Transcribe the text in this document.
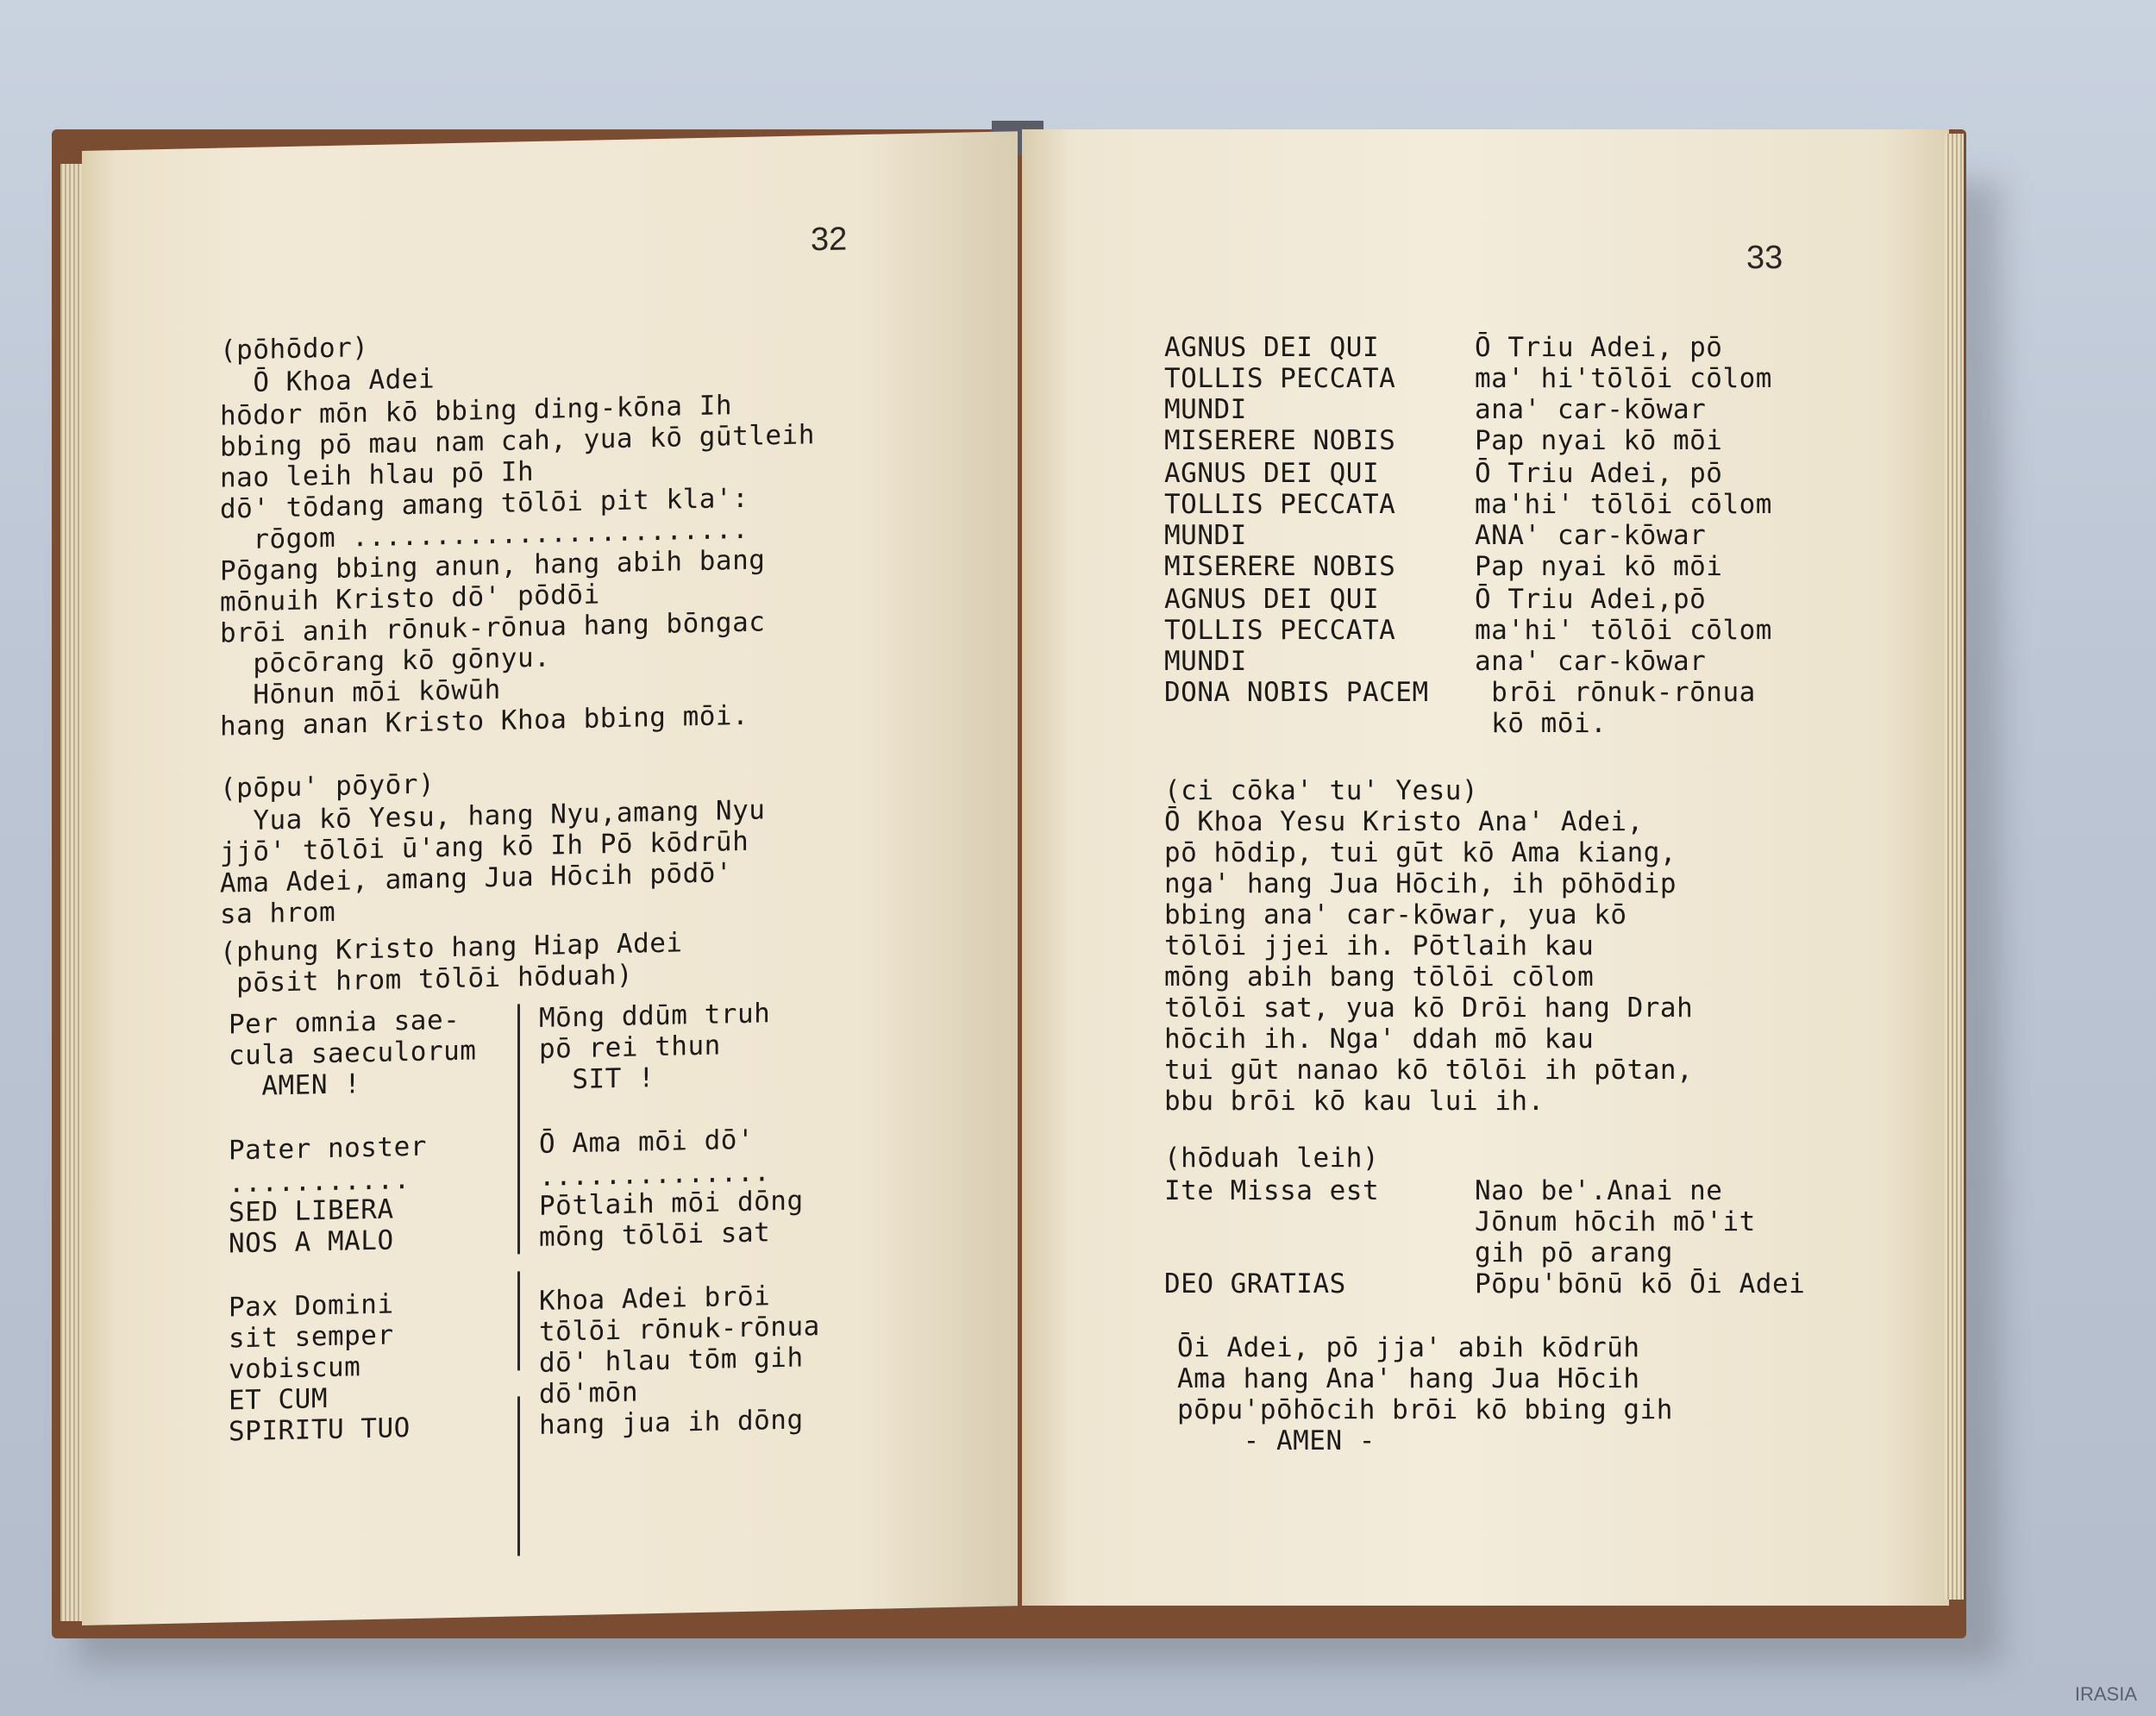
32
(pōhōdor)
Ō Khoa Adei
hōdor mōn kō bbing ding-kōna Ih
bbing pō mau nam cah, yua kō gūtleih
nao leih hlau pō Ih
dō' tōdang amang tōlōi pit kla':
rōgom ........................
Pōgang bbing anun, hang abih bang
mōnuih Kristo dō' pōdōi
brōi anih rōnuk-rōnua hang bōngac
pōcōrang kō gōnyu.
Hōnun mōi kōwūh
hang anan Kristo Khoa bbing mōi.
(pōpu' pōyōr)
Yua kō Yesu, hang Nyu,amang Nyu
jjō' tōlōi ū'ang kō Ih Pō kōdrūh
Ama Adei, amang Jua Hōcih pōdō'
sa hrom
(phung Kristo hang Hiap Adei
pōsit hrom tōlōi hōduah)
Per omnia sae-
cula saeculorum
AMEN !
Pater noster
...........
SED LIBERA
NOS A MALO
Pax Domini
sit semper
vobiscum
ET CUM
SPIRITU TUO
Mōng ddūm truh
pō rei thun
SIT !
Ō Ama mōi dō'
..............
Pōtlaih mōi dōng
mōng tōlōi sat
Khoa Adei brōi
tōlōi rōnuk-rōnua
dō' hlau tōm gih
dō'mōn
hang jua ih dōng
33
AGNUS DEI QUI
TOLLIS PECCATA
MUNDI
MISERERE NOBIS
AGNUS DEI QUI
TOLLIS PECCATA
MUNDI
MISERERE NOBIS
AGNUS DEI QUI
TOLLIS PECCATA
MUNDI
DONA NOBIS PACEM
Ō Triu Adei, pō
ma' hi'tōlōi cōlom
ana' car-kōwar
Pap nyai kō mōi
Ō Triu Adei, pō
ma'hi' tōlōi cōlom
ANA' car-kōwar
Pap nyai kō mōi
Ō Triu Adei,pō
ma'hi' tōlōi cōlom
ana' car-kōwar
brōi rōnuk-rōnua
kō mōi.
(ci cōka' tu' Yesu)
Ō Khoa Yesu Kristo Ana' Adei,
pō hōdip, tui gūt kō Ama kiang,
nga' hang Jua Hōcih, ih pōhōdip
bbing ana' car-kōwar, yua kō
tōlōi jjei ih. Pōtlaih kau
mōng abih bang tōlōi cōlom
tōlōi sat, yua kō Drōi hang Drah
hōcih ih. Nga' ddah mō kau
tui gūt nanao kō tōlōi ih pōtan,
bbu brōi kō kau lui ih.
(hōduah leih)
Ite Missa est
DEO GRATIAS
Nao be'.Anai ne
Jōnum hōcih mō'it
gih pō arang
Pōpu'bōnū kō Ōi Adei
Ōi Adei, pō jja' abih kōdrūh
Ama hang Ana' hang Jua Hōcih
pōpu'pōhōcih brōi kō bbing gih
- AMEN -
IRASIA
